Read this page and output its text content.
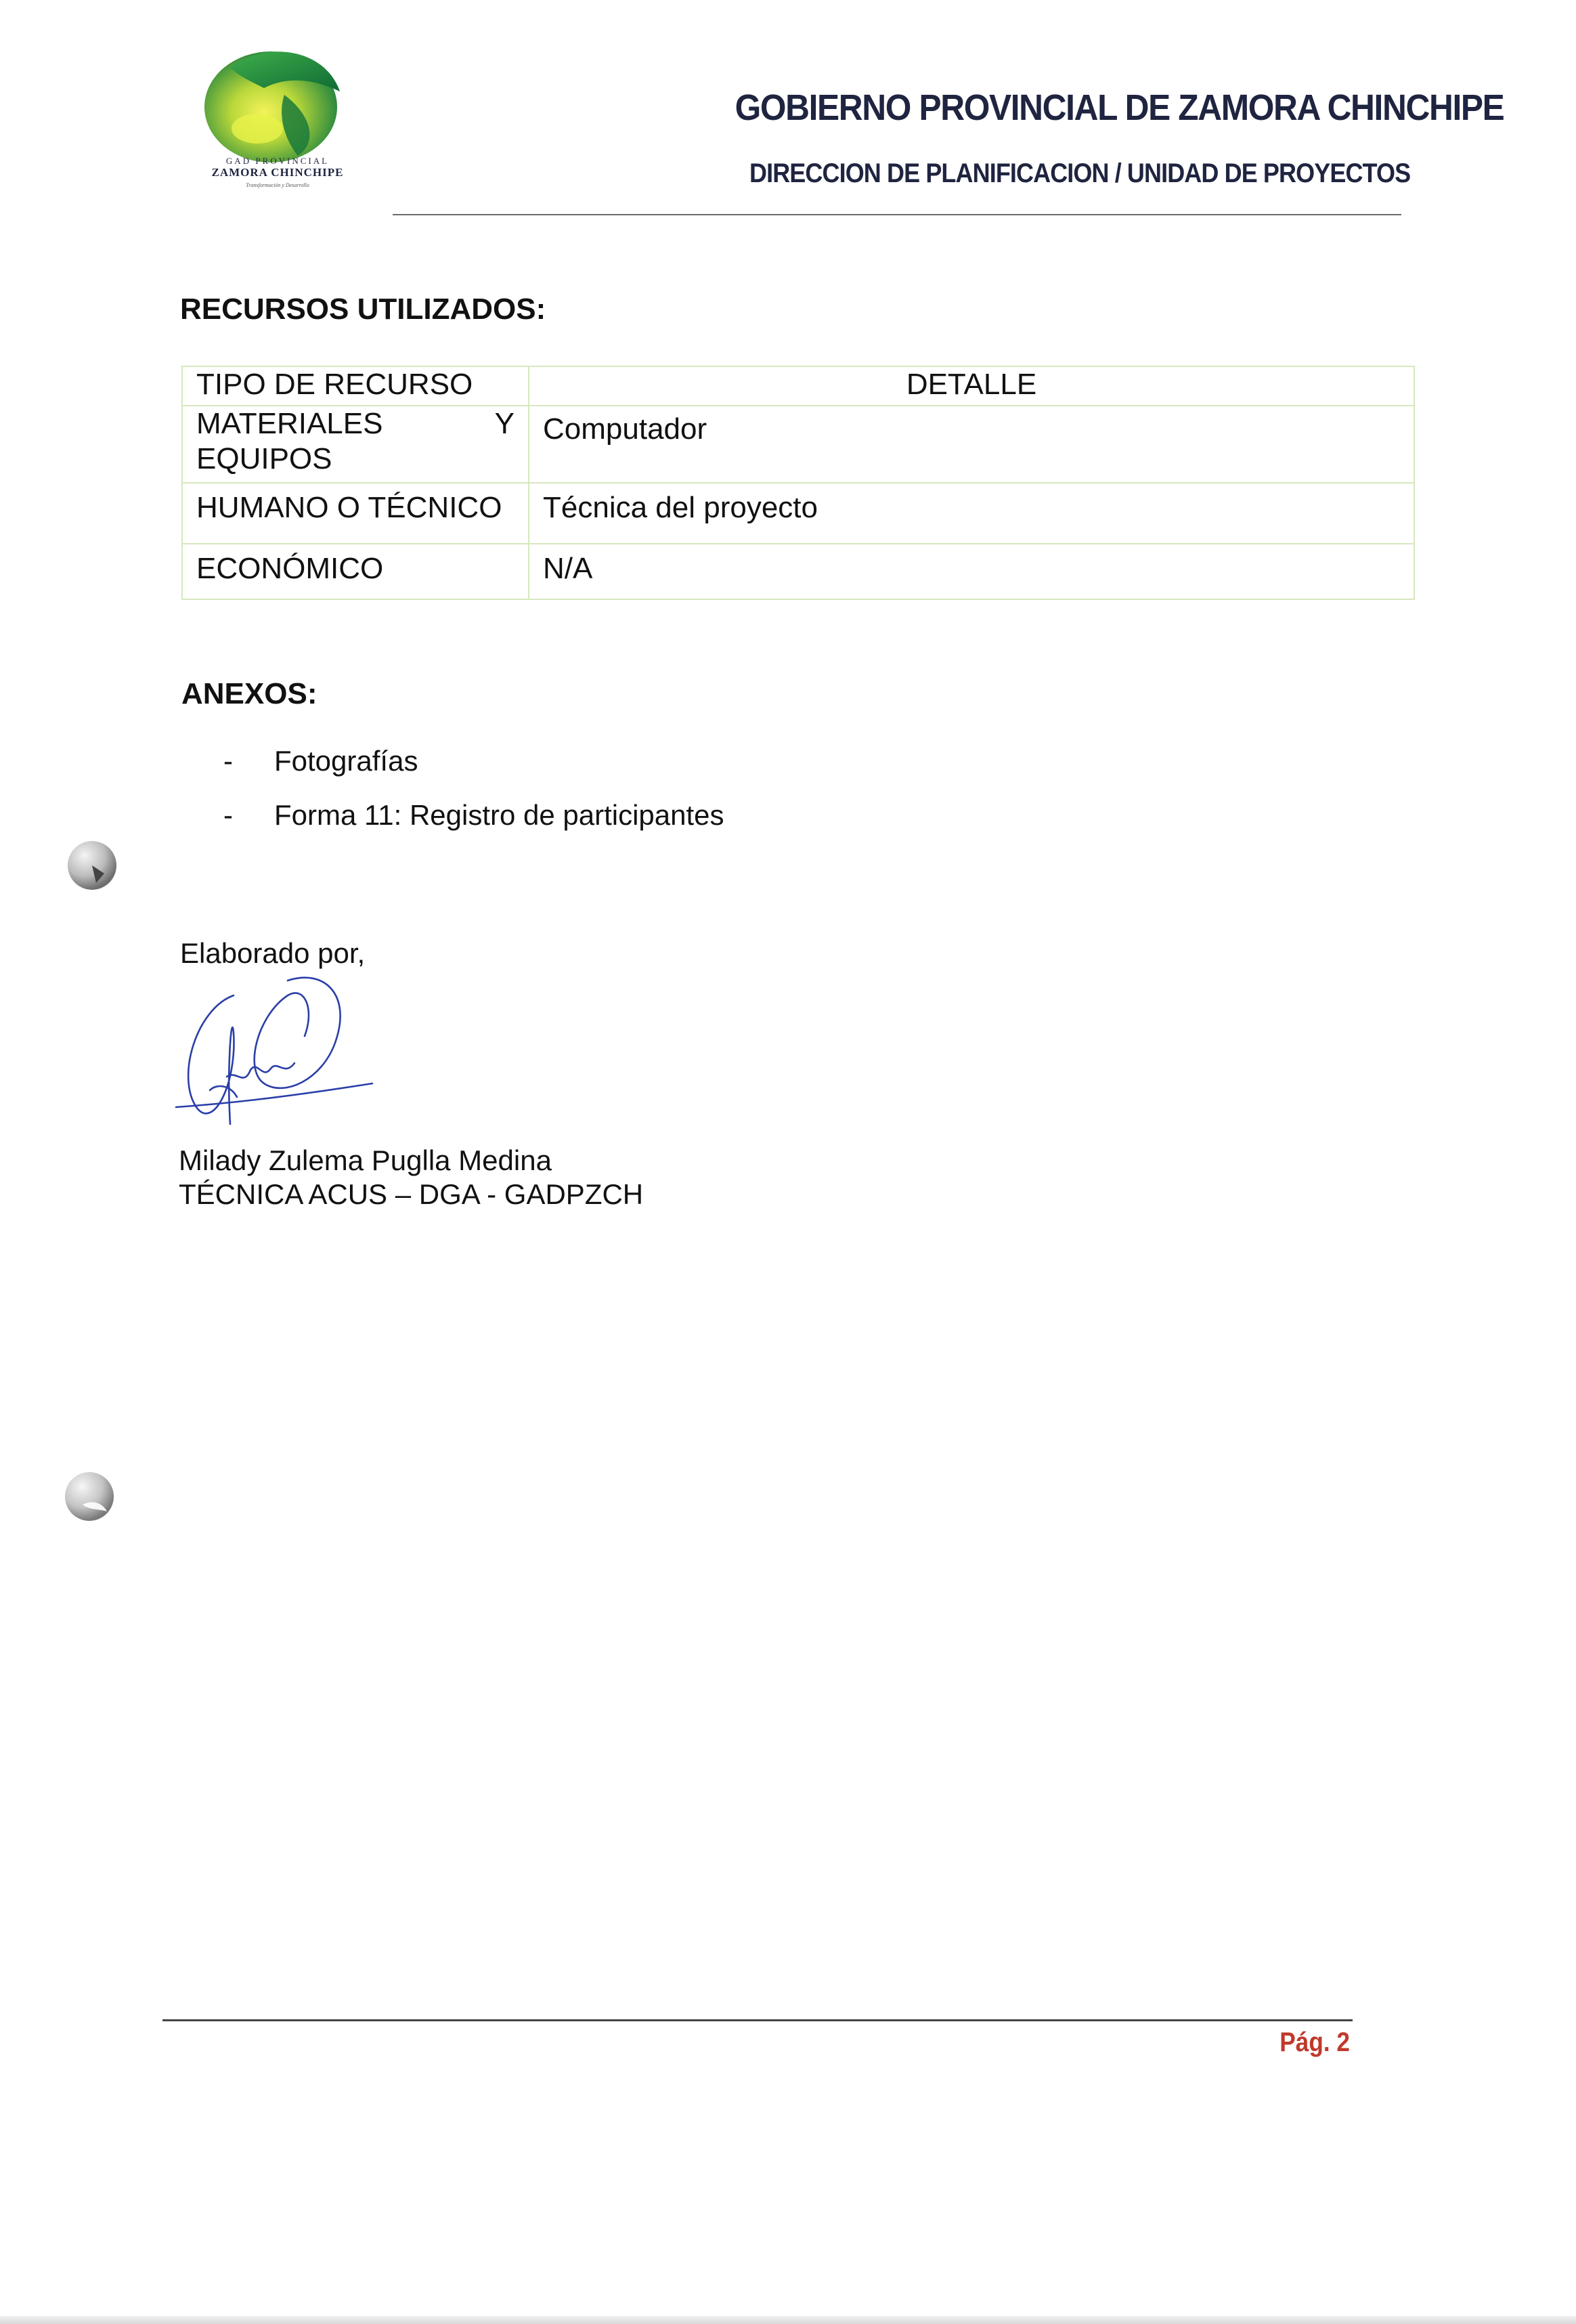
GAD PROVINCIAL
ZAMORA CHINCHIPE
Transformación y Desarrollo
GOBIERNO PROVINCIAL DE ZAMORA CHINCHIPE
DIRECCION DE PLANIFICACION / UNIDAD DE PROYECTOS
RECURSOS UTILIZADOS:
TIPO DE RECURSO	DETALLE

MATERIALES Y
EQUIPOS	Computador
HUMANO O TÉCNICO	Técnica del proyecto
ECONÓMICO	N/A
ANEXOS:
-	Fotografías
-	Forma 11: Registro de participantes
Elaborado por,
Milady Zulema Puglla Medina
TÉCNICA ACUS – DGA - GADPZCH
Pág. 2
